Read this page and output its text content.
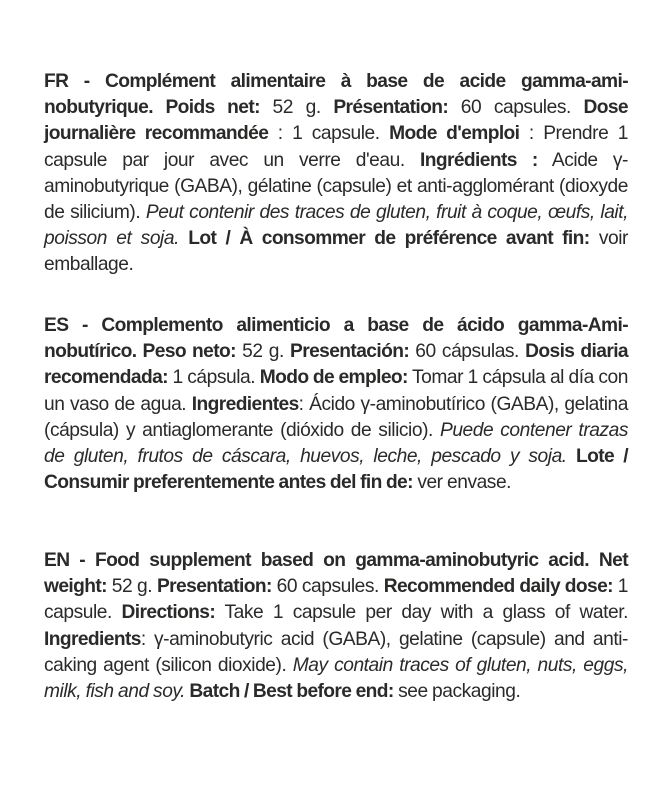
FR - Complément alimentaire à base de acide gamma-ami-nobutyrique. Poids net: 52 g. Présentation: 60 capsules. Dose journalière recommandée : 1 capsule. Mode d'emploi : Prendre 1 capsule par jour avec un verre d'eau. Ingrédients : Acide γ-aminobutyrique (GABA), gélatine (capsule) et anti-agglomérant (dioxyde de silicium). Peut contenir des traces de gluten, fruit à coque, œufs, lait, poisson et soja. Lot / À consommer de préférence avant fin: voir emballage.
ES - Complemento alimenticio a base de ácido gamma-Ami-nobutírico. Peso neto: 52 g. Presentación: 60 cápsulas. Dosis diaria recomendada: 1 cápsula. Modo de empleo: Tomar 1 cápsula al día con un vaso de agua. Ingredientes: Ácido γ-aminobutírico (GABA), gelatina (cápsula) y antiaglomerante (dióxido de silicio). Puede contener trazas de gluten, frutos de cáscara, huevos, leche, pescado y soja. Lote / Consumir preferentemente antes del fin de: ver envase.
EN - Food supplement based on gamma-aminobutyric acid. Net weight: 52 g. Presentation: 60 capsules. Recommended daily dose: 1 capsule. Directions: Take 1 capsule per day with a glass of water. Ingredients: γ-aminobutyric acid (GABA), gelatine (capsule) and anti-caking agent (silicon dioxide). May contain traces of gluten, nuts, eggs, milk, fish and soy. Batch / Best before end: see packaging.
